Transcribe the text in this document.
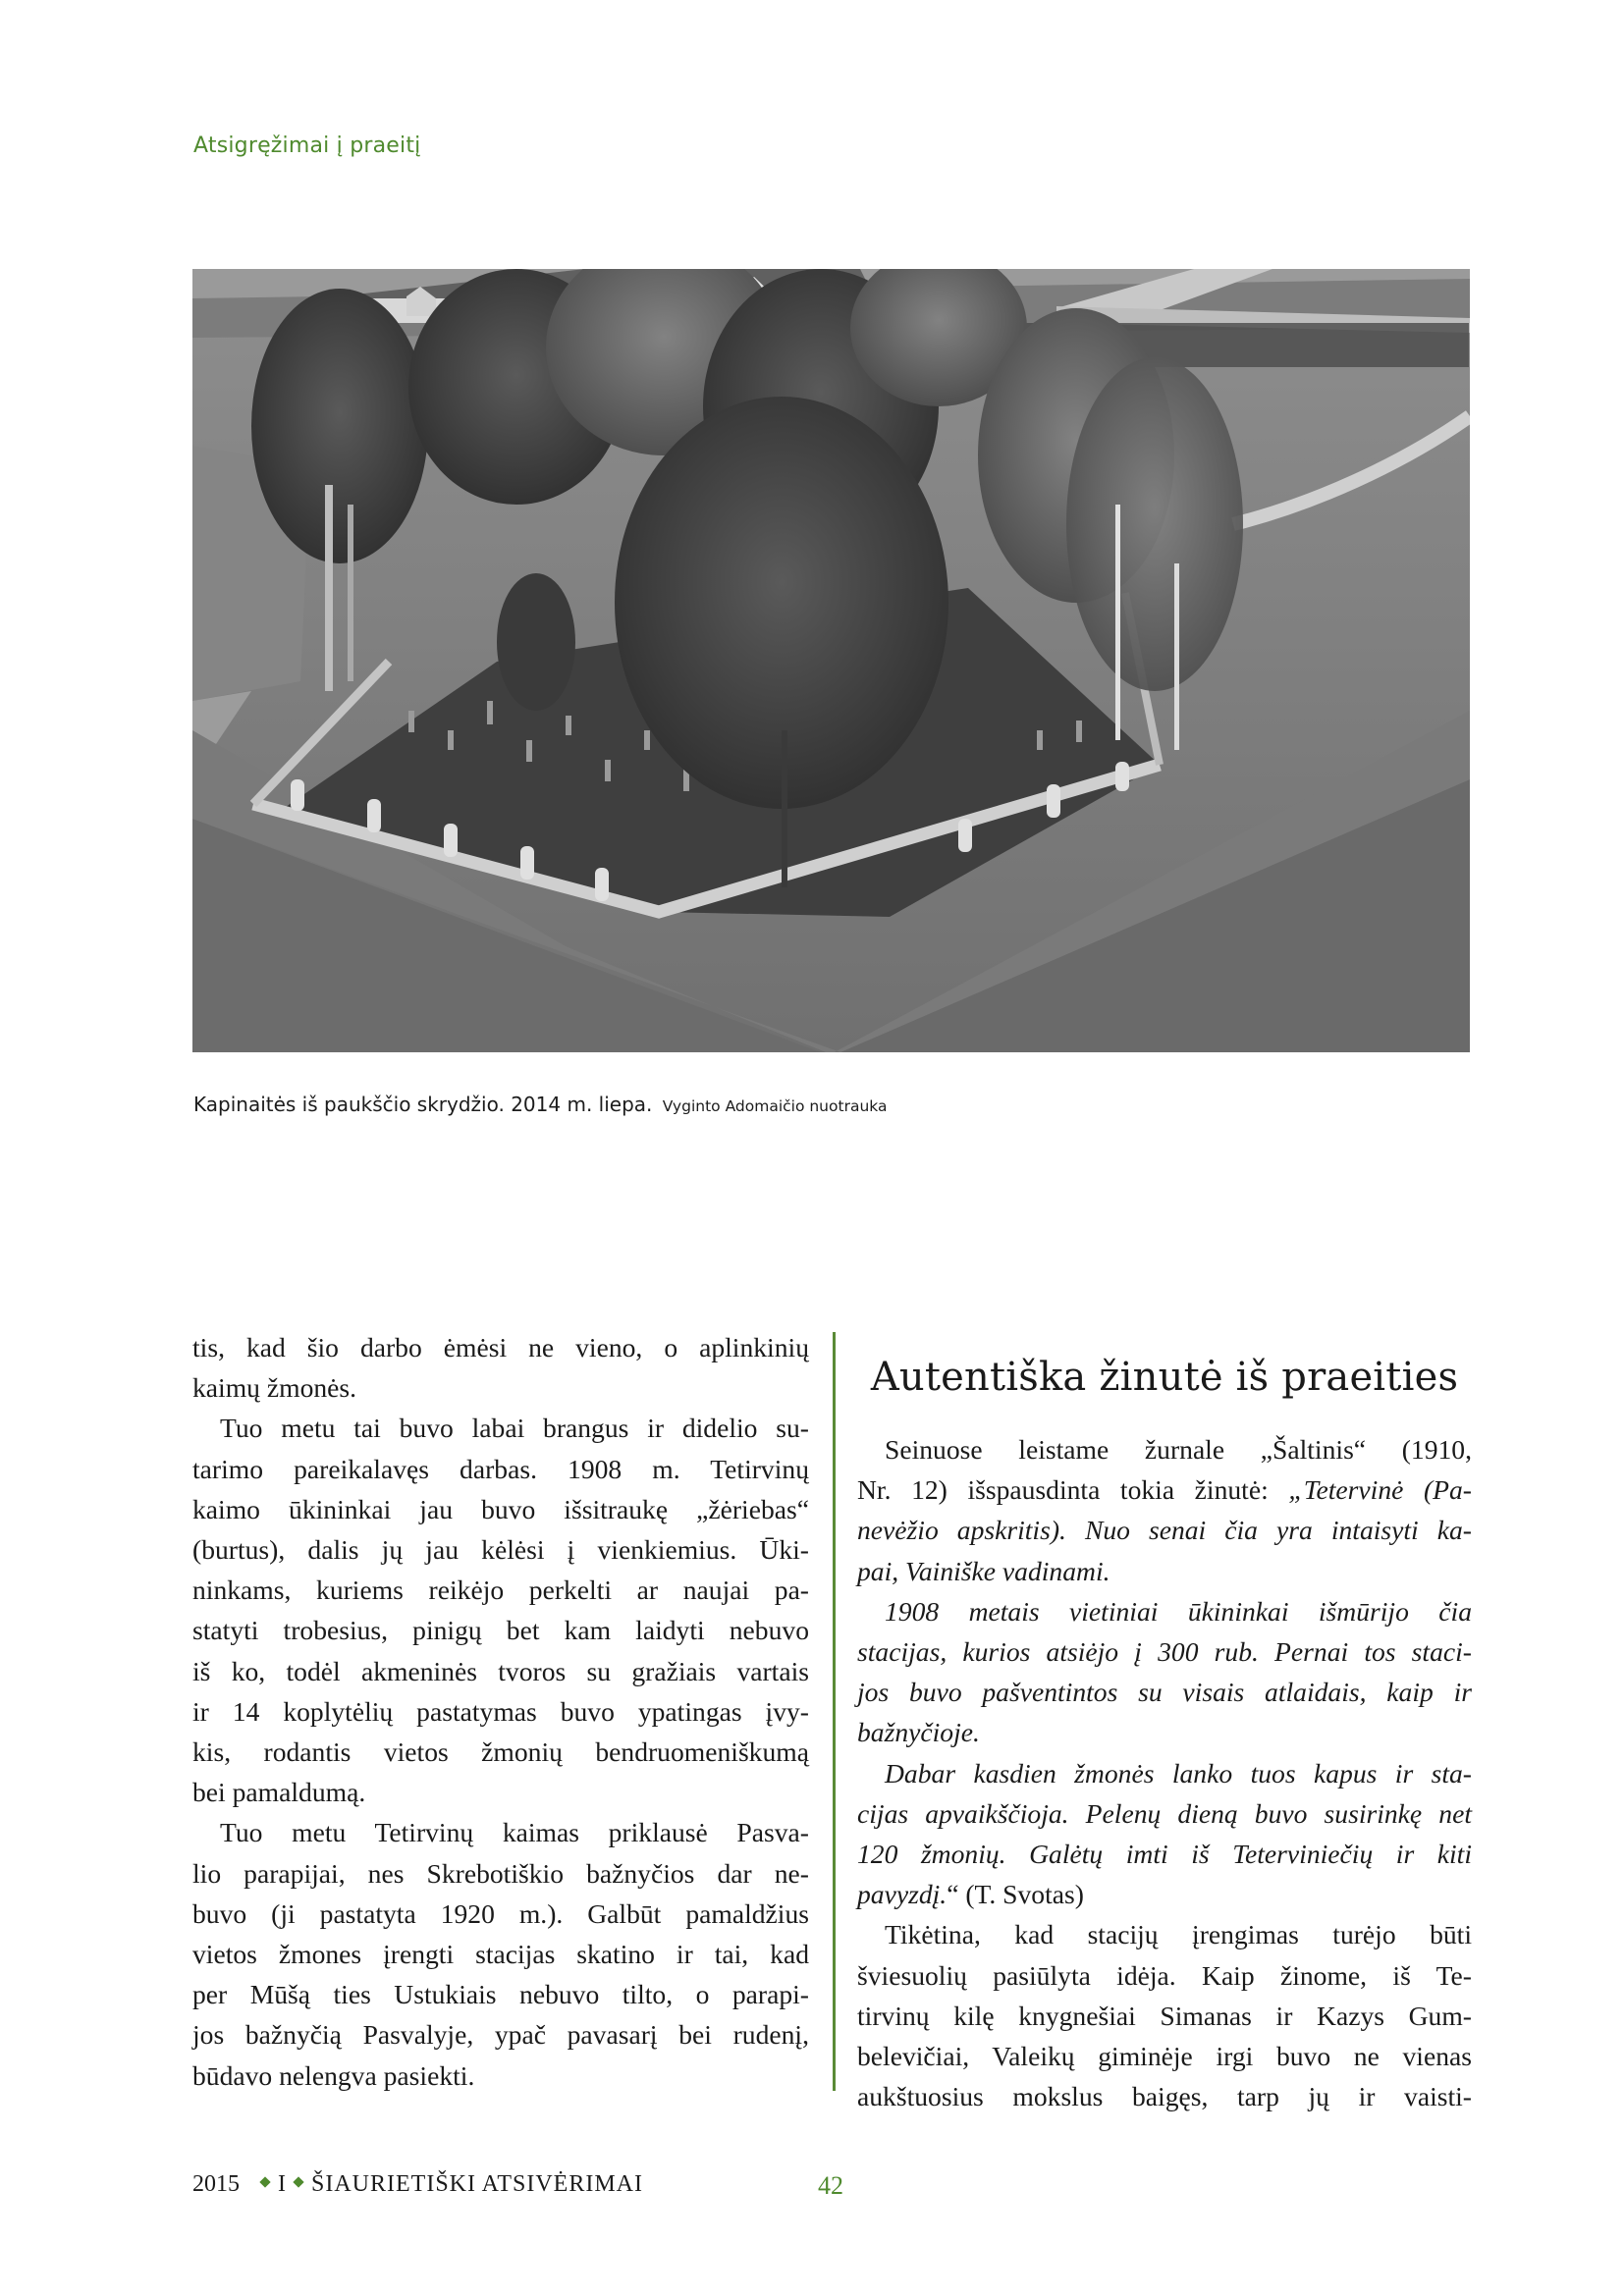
Atsigręžimai į praeitį
Kapinaitės iš paukščio skrydžio. 2014 m. liepa. Vyginto Adomaičio nuotrauka
tis, kad šio darbo ėmėsi ne vieno, o aplinkinių
kaimų žmonės.
Tuo metu tai buvo labai brangus ir didelio su-
tarimo pareikalavęs darbas. 1908 m. Tetirvinų
kaimo ūkininkai jau buvo išsitraukę „žėriebas“
(burtus), dalis jų jau kėlėsi į vienkiemius. Ūki-
ninkams, kuriems reikėjo perkelti ar naujai pa-
statyti trobesius, pinigų bet kam laidyti nebuvo
iš ko, todėl akmeninės tvoros su gražiais vartais
ir 14 koplytėlių pastatymas buvo ypatingas įvy-
kis, rodantis vietos žmonių bendruomeniškumą
bei pamaldumą.
Tuo metu Tetirvinų kaimas priklausė Pasva-
lio parapijai, nes Skrebotiškio bažnyčios dar ne-
buvo (ji pastatyta 1920 m.). Galbūt pamaldžius
vietos žmones įrengti stacijas skatino ir tai, kad
per Mūšą ties Ustukiais nebuvo tilto, o parapi-
jos bažnyčią Pasvalyje, ypač pavasarį bei rudenį,
būdavo nelengva pasiekti.
Autentiška žinutė iš praeities
Seinuose leistame žurnale „Šaltinis“ (1910,
Nr. 12) išspausdinta tokia žinutė: „Tetervinė (Pa-
nevėžio apskritis). Nuo senai čia yra intaisyti ka-
pai, Vainiške vadinami.
1908 metais vietiniai ūkininkai išmūrijo čia
stacijas, kurios atsiėjo į 300 rub. Pernai tos staci-
jos buvo pašventintos su visais atlaidais, kaip ir
bažnyčioje.
Dabar kasdien žmonės lanko tuos kapus ir sta-
cijas apvaikščioja. Pelenų dieną buvo susirinkę net
120 žmonių. Galėtų imti iš Teterviniečių ir kiti
pavyzdį.“ (T. Svotas)
Tikėtina, kad stacijų įrengimas turėjo būti
šviesuolių pasiūlyta idėja. Kaip žinome, iš Te-
tirvinų kilę knygnešiai Simanas ir Kazys Gum-
belevičiai, Valeikų giminėje irgi buvo ne vienas
aukštuosius mokslus baigęs, tarp jų ir vaisti-
2015 I ŠIAURIETIŠKI ATSIVĖRIMAI	42
